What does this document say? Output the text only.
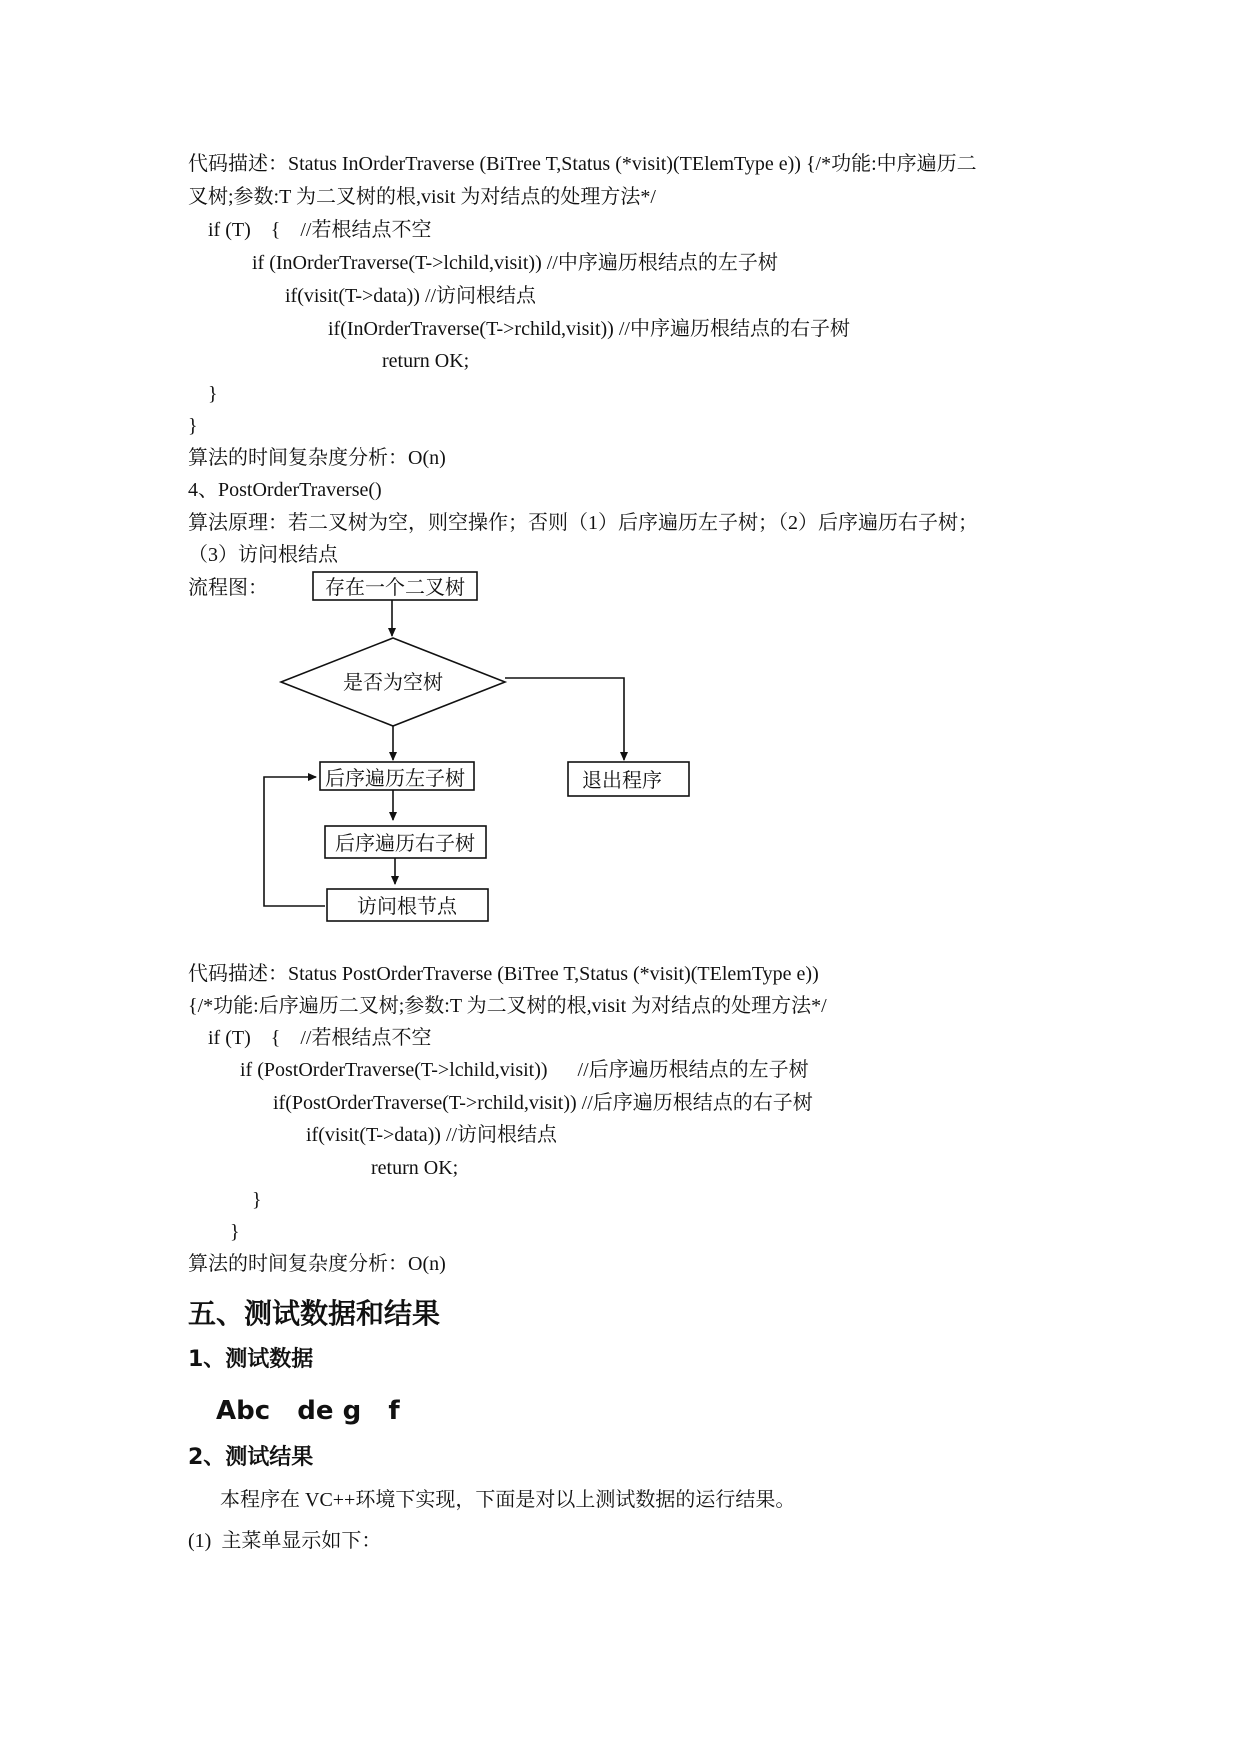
代码描述：Status InOrderTraverse (BiTree T,Status (*visit)(TElemType e)) {/*功能:中序遍历二
叉树;参数:T 为二叉树的根,visit 为对结点的处理方法*/
if (T)    {    //若根结点不空
if (InOrderTraverse(T->lchild,visit)) //中序遍历根结点的左子树
if(visit(T->data)) //访问根结点
if(InOrderTraverse(T->rchild,visit)) //中序遍历根结点的右子树
return OK;
}
}
算法的时间复杂度分析：O(n)
4、PostOrderTraverse()
算法原理：若二叉树为空，则空操作；否则（1）后序遍历左子树；（2）后序遍历右子树；
（3）访问根结点
流程图：	存在一个二叉树
是否为空树
退出程序
后序遍历左子树
后序遍历右子树
访问根节点
代码描述：Status PostOrderTraverse (BiTree T,Status (*visit)(TElemType e))
{/*功能:后序遍历二叉树;参数:T 为二叉树的根,visit 为对结点的处理方法*/
if (T)    {    //若根结点不空
if (PostOrderTraverse(T->lchild,visit))      //后序遍历根结点的左子树
if(PostOrderTraverse(T->rchild,visit)) //后序遍历根结点的右子树
if(visit(T->data)) //访问根结点
return OK;
}
}
算法的时间复杂度分析：O(n)
五、测试数据和结果
1、测试数据
Abc   de g   f
2、测试结果
本程序在 VC++环境下实现，下面是对以上测试数据的运行结果。
(1)  主菜单显示如下：
